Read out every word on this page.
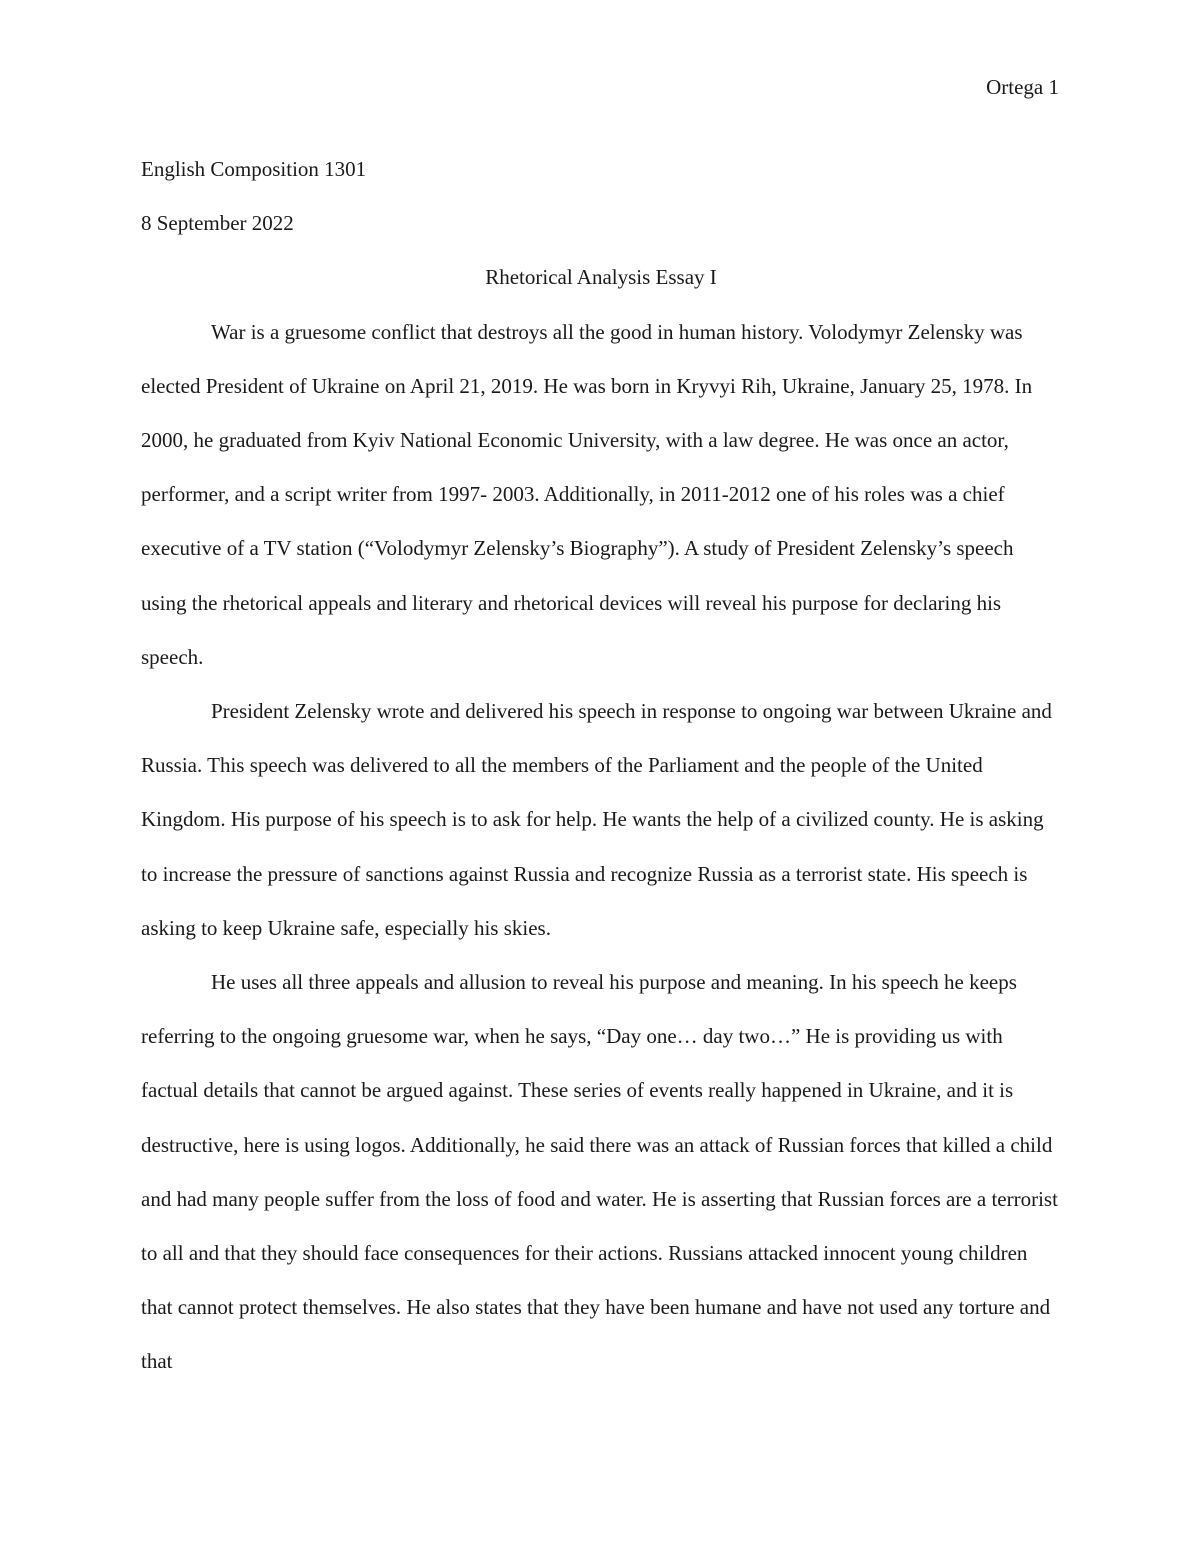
Ortega 1

English Composition 1301

8 September 2022

Rhetorical Analysis Essay I

War is a gruesome conflict that destroys all the good in human history. Volodymyr Zelensky was elected President of Ukraine on April 21, 2019. He was born in Kryvyi Rih, Ukraine, January 25, 1978. In 2000, he graduated from Kyiv National Economic University, with a law degree. He was once an actor, performer, and a script writer from 1997- 2003. Additionally, in 2011-2012 one of his roles was a chief executive of a TV station (“Volodymyr Zelensky’s Biography”). A study of President Zelensky’s speech using the rhetorical appeals and literary and rhetorical devices will reveal his purpose for declaring his speech.

President Zelensky wrote and delivered his speech in response to ongoing war between Ukraine and Russia. This speech was delivered to all the members of the Parliament and the people of the United Kingdom. His purpose of his speech is to ask for help. He wants the help of a civilized county. He is asking to increase the pressure of sanctions against Russia and recognize Russia as a terrorist state. His speech is asking to keep Ukraine safe, especially his skies.

He uses all three appeals and allusion to reveal his purpose and meaning. In his speech he keeps referring to the ongoing gruesome war, when he says, “Day one… day two…” He is providing us with factual details that cannot be argued against. These series of events really happened in Ukraine, and it is destructive, here is using logos. Additionally, he said there was an attack of Russian forces that killed a child and had many people suffer from the loss of food and water. He is asserting that Russian forces are a terrorist to all and that they should face consequences for their actions. Russians attacked innocent young children that cannot protect themselves. He also states that they have been humane and have not used any torture and that
